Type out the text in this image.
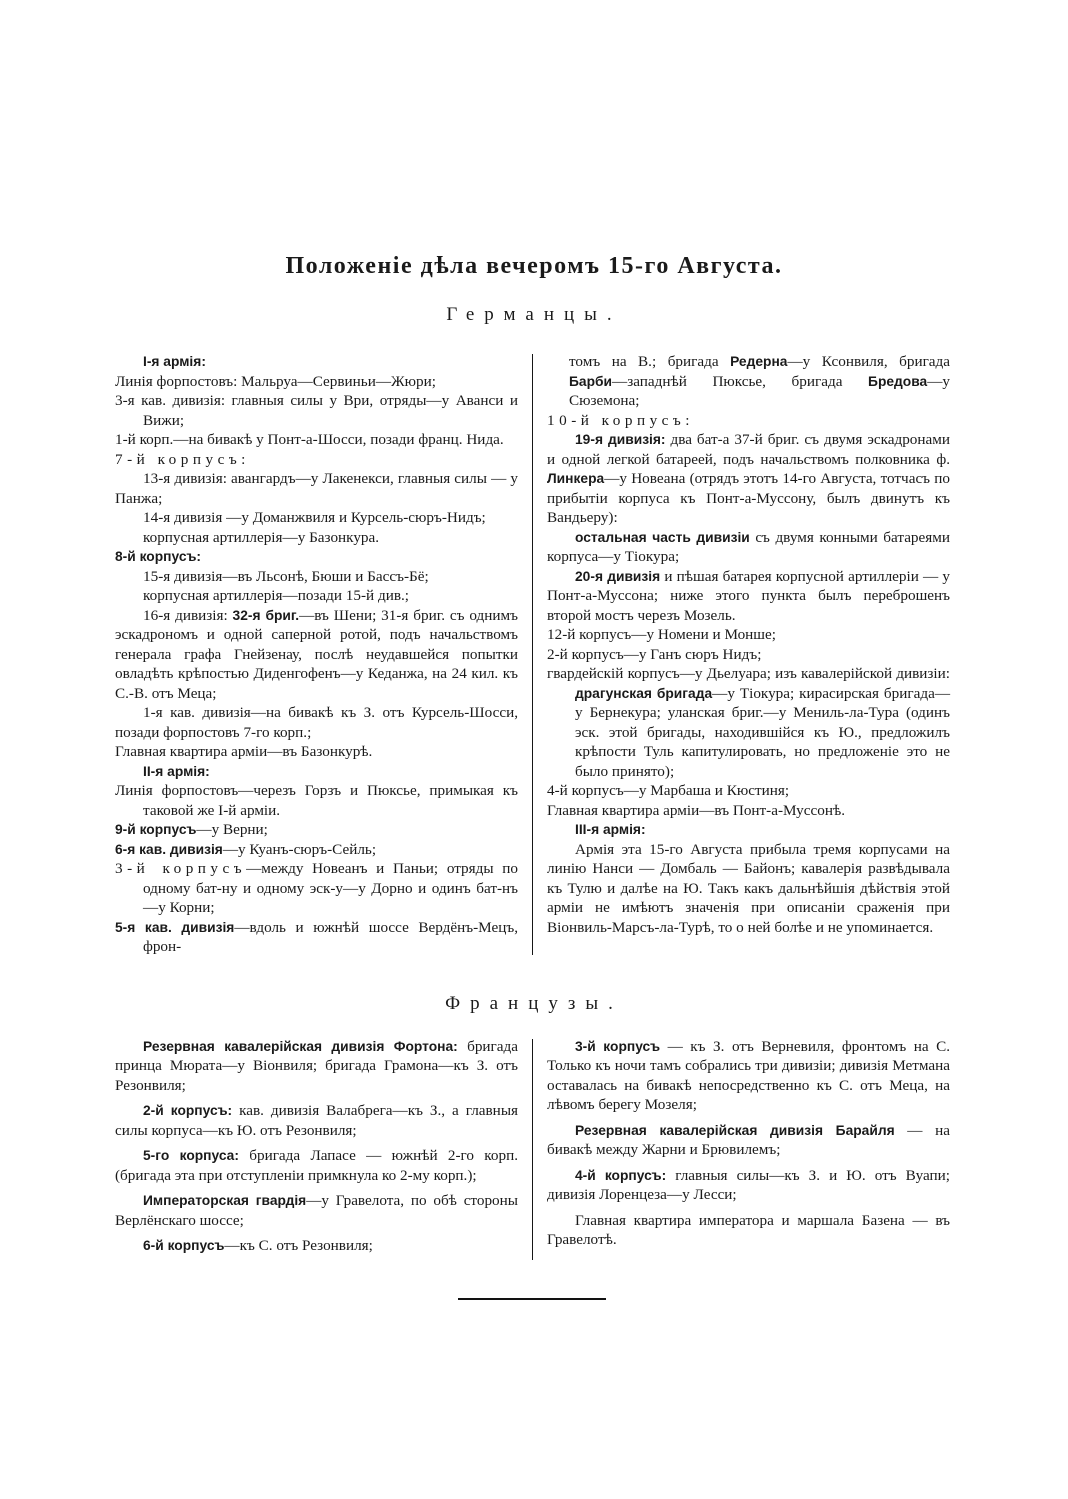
Положеніе дѣла вечеромъ 15-го Августа.
Германцы.

I-я армія:

Линія форпостовъ: Мальруа—Сервиньи—Жюри;

3-я кав. дивизія: главныя силы у Ври, отряды—у Аванси и Вижи;

1-й корп.—на бивакѣ у Понт-а-Шосси, позади франц. Нида.

7-й корпусъ:

13-я дивизія: авангардъ—у Лакенекси, главныя силы — у Панжа;

14-я дивизія —у Доманжвиля и Курсель-сюръ-Нидъ;

корпусная артиллерія—у Базонкура.

8-й корпусъ:

15-я дивизія—въ Льсонѣ, Бюши и Бассъ-Бё;

корпусная артиллерія—позади 15-й див.;

16-я дивизія: 32-я бриг.—въ Шени; 31-я бриг. съ однимъ эскадрономъ и одной саперной ротой, подъ начальствомъ генерала графа Гнейзенау, послѣ неудавшейся попытки овладѣть крѣпостью Диденгофенъ—у Кеданжа, на 24 кил. къ С.-В. отъ Меца;

1-я кав. дивизія—на бивакѣ къ З. отъ Курсель-Шосси, позади форпостовъ 7-го корп.;

Главная квартира арміи—въ Базонкурѣ.

II-я армія:

Линія форпостовъ—черезъ Горзъ и Пюксье, примыкая къ таковой же I-й арміи.

9-й корпусъ—у Верни;

6-я кав. дивизія—у Куанъ-сюръ-Сейль;

3-й корпусъ—между Новеанъ и Паньи; отряды по одному бат-ну и одному эск-у—у Дорно и одинъ бат-нъ—у Корни;

5-я кав. дивизія—вдоль и южнѣй шоссе Вердёнъ-Мецъ, фрон-

томъ на В.; бригада Редерна—у Ксонвиля, бригада Барби—западнѣй Пюксье, бригада Бредова—у Сюземона;

10-й корпусъ:

19-я дивизія: два бат-а 37-й бриг. съ двумя эскадронами и одной легкой батареей, подъ начальствомъ полковника ф. Линкера—у Новеана (отрядъ этотъ 14-го Августа, тотчасъ по прибытіи корпуса къ Понт-а-Муссону, былъ двинутъ къ Вандьеру):

остальная часть дивизіи съ двумя конными батареями корпуса—у Тіокура;

20-я дивизія и пѣшая батарея корпусной артиллеріи — у Понт-а-Муссона; ниже этого пункта былъ переброшенъ второй мостъ черезъ Мозель.

12-й корпусъ—у Номени и Монше;

2-й корпусъ—у Ганъ сюръ Нидъ;

гвардейскій корпусъ—у Дьелуара; изъ кавалерійской дивизіи: драгунская бригада—у Тіокура; кирасирская бригада—у Бернекура; уланская бриг.—у Мениль-ла-Тура (одинъ эск. этой бригады, находившійся къ Ю., предложилъ крѣпости Туль капитулировать, но предложеніе это не было принято);

4-й корпусъ—у Марбаша и Кюстиня;

Главная квартира арміи—въ Понт-а-Муссонѣ.

III-я армія:

Армія эта 15-го Августа прибыла тремя корпусами на линію Нанси — Домбаль — Байонъ; кавалерія развѣдывала къ Тулю и далѣе на Ю. Такъ какъ дальнѣйшія дѣйствія этой арміи не имѣютъ значенія при описаніи сраженія при Віонвиль-Марсъ-ла-Турѣ, то о ней болѣе и не упоминается.

Французы.

Резервная кавалерійская дивизія Фортона: бригада принца Мюрата—у Віонвиля; бригада Грамона—къ З. отъ Резонвиля;

2-й корпусъ: кав. дивизія Валабрега—къ З., а главныя силы корпуса—къ Ю. отъ Резонвиля;

5-го корпуса: бригада Лапасе — южнѣй 2-го корп. (бригада эта при отступленіи примкнула ко 2-му корп.);

Императорская гвардія—у Гравелота, по обѣ стороны Верлёнскаго шоссе;

6-й корпусъ—къ С. отъ Резонвиля;

3-й корпусъ — къ З. отъ Верневиля, фронтомъ на С. Только къ ночи тамъ собрались три дивизіи; дивизія Метмана оставалась на бивакѣ непосредственно къ С. отъ Меца, на лѣвомъ берегу Мозеля;

Резервная кавалерійская дивизія Барайля — на бивакѣ между Жарни и Брювилемъ;

4-й корпусъ: главныя силы—къ З. и Ю. отъ Вуапи; дивизія Лоренцеза—у Лесси;

Главная квартира императора и маршала Базена — въ Гравелотѣ.
